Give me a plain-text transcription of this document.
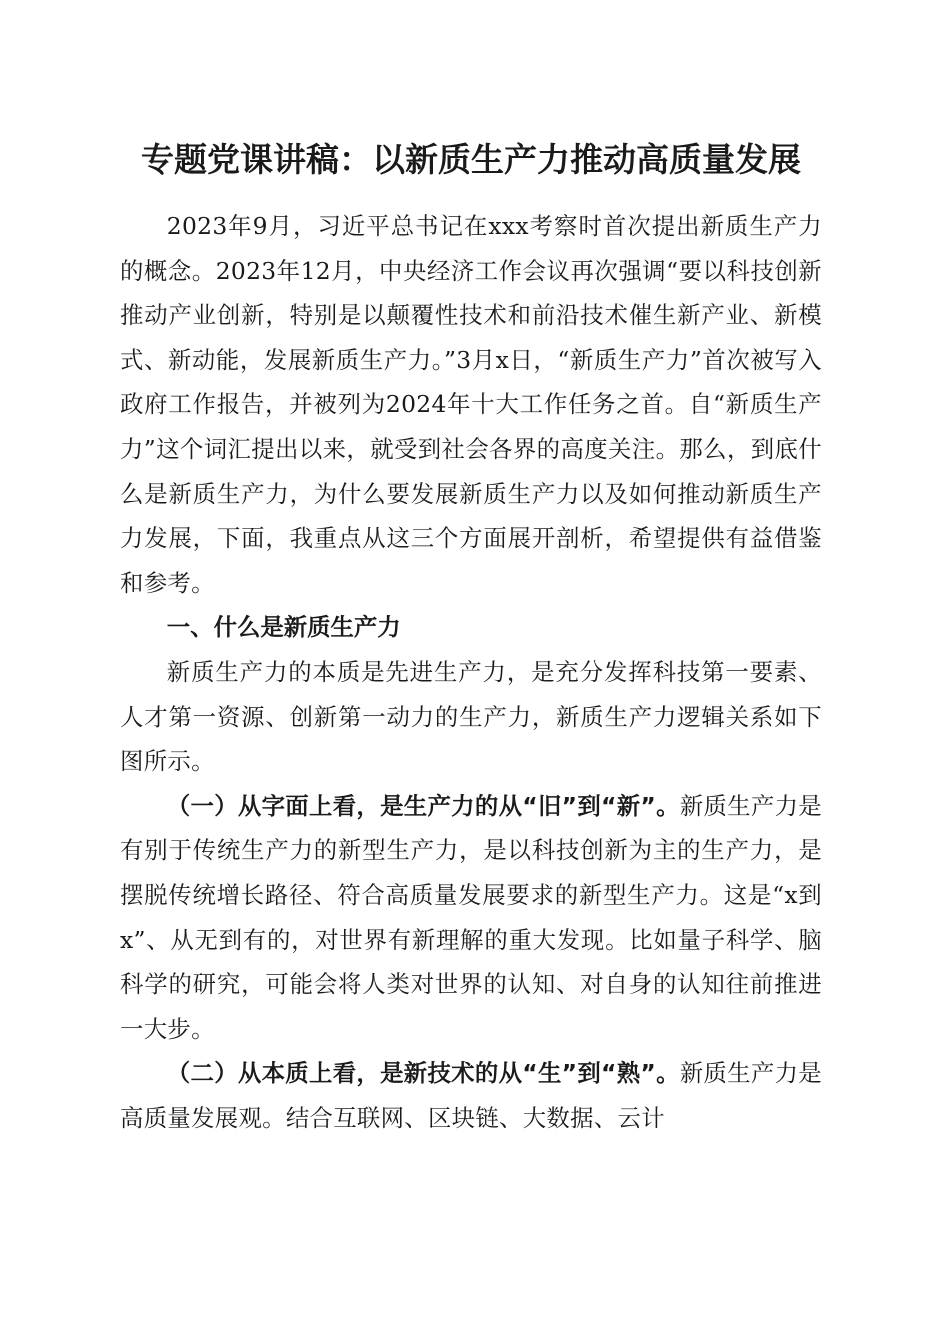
专题党课讲稿：以新质生产力推动高质量发展

2023年9月，习近平总书记在xxx考察时首次提出新质生产力的概念。2023年12月，中央经济工作会议再次强调“要以科技创新推动产业创新，特别是以颠覆性技术和前沿技术催生新产业、新模式、新动能，发展新质生产力。”3月x日，“新质生产力”首次被写入政府工作报告，并被列为2024年十大工作任务之首。自“新质生产力”这个词汇提出以来，就受到社会各界的高度关注。那么，到底什么是新质生产力，为什么要发展新质生产力以及如何推动新质生产力发展，下面，我重点从这三个方面展开剖析，希望提供有益借鉴和参考。

一、什么是新质生产力

新质生产力的本质是先进生产力，是充分发挥科技第一要素、人才第一资源、创新第一动力的生产力，新质生产力逻辑关系如下图所示。

（一）从字面上看，是生产力的从“旧”到“新”。新质生产力是有别于传统生产力的新型生产力，是以科技创新为主的生产力，是摆脱传统增长路径、符合高质量发展要求的新型生产力。这是“x到x”、从无到有的，对世界有新理解的重大发现。比如量子科学、脑科学的研究，可能会将人类对世界的认知、对自身的认知往前推进一大步。

（二）从本质上看，是新技术的从“生”到“熟”。新质生产力是高质量发展观。结合互联网、区块链、大数据、云计
